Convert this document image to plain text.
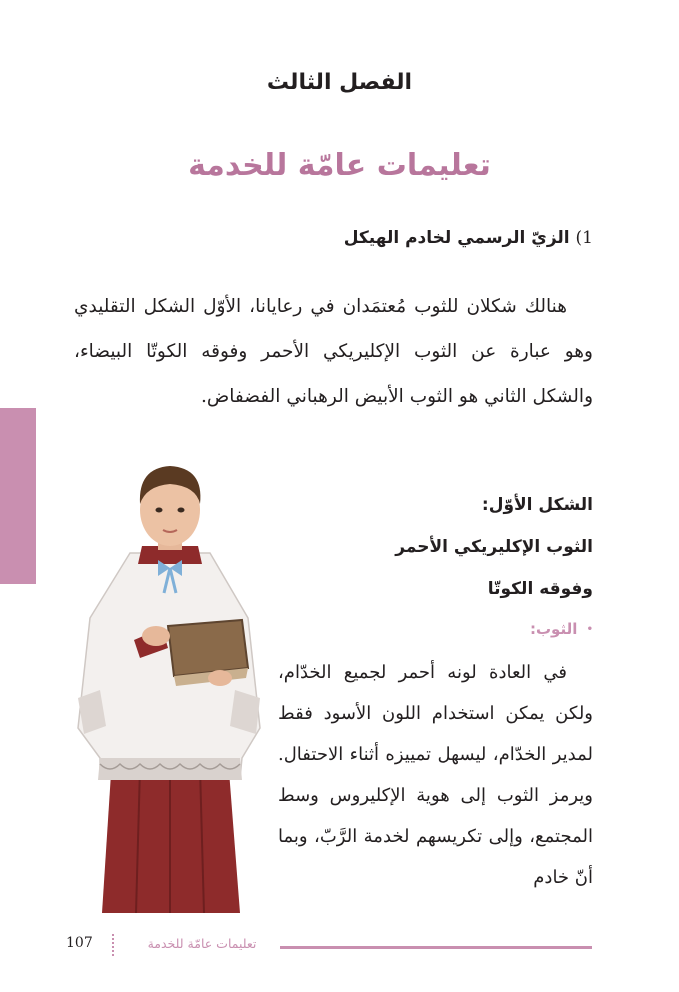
الفصل الثالث
تعليمات عامّة للخدمة
1) الزيّ الرسمي لخادم الهيكل

هنالك شكلان للثوب مُعتمَدان في رعايانا، الأوّل الشكل التقليدي وهو عبارة عن الثوب الإكليريكي الأحمر وفوقه الكوتّا البيضاء، والشكل الثاني هو الثوب الأبيض الرهباني الفضفاض.

الشكل الأوّل:
الثوب الإكليريكي الأحمر
وفوقه الكوتّا
• الثوب:

في العادة لونه أحمر لجميع الخدّام، ولكن يمكن استخدام اللون الأسود فقط لمدير الخدّام، ليسهل تمييزه أثناء الاحتفال. ويرمز الثوب إلى هوية الإكليروس وسط المجتمع، وإلى تكريسهم لخدمة الرَّبّ، وبما أنّ خادم

تعليمات عامّة للخدمة
107
